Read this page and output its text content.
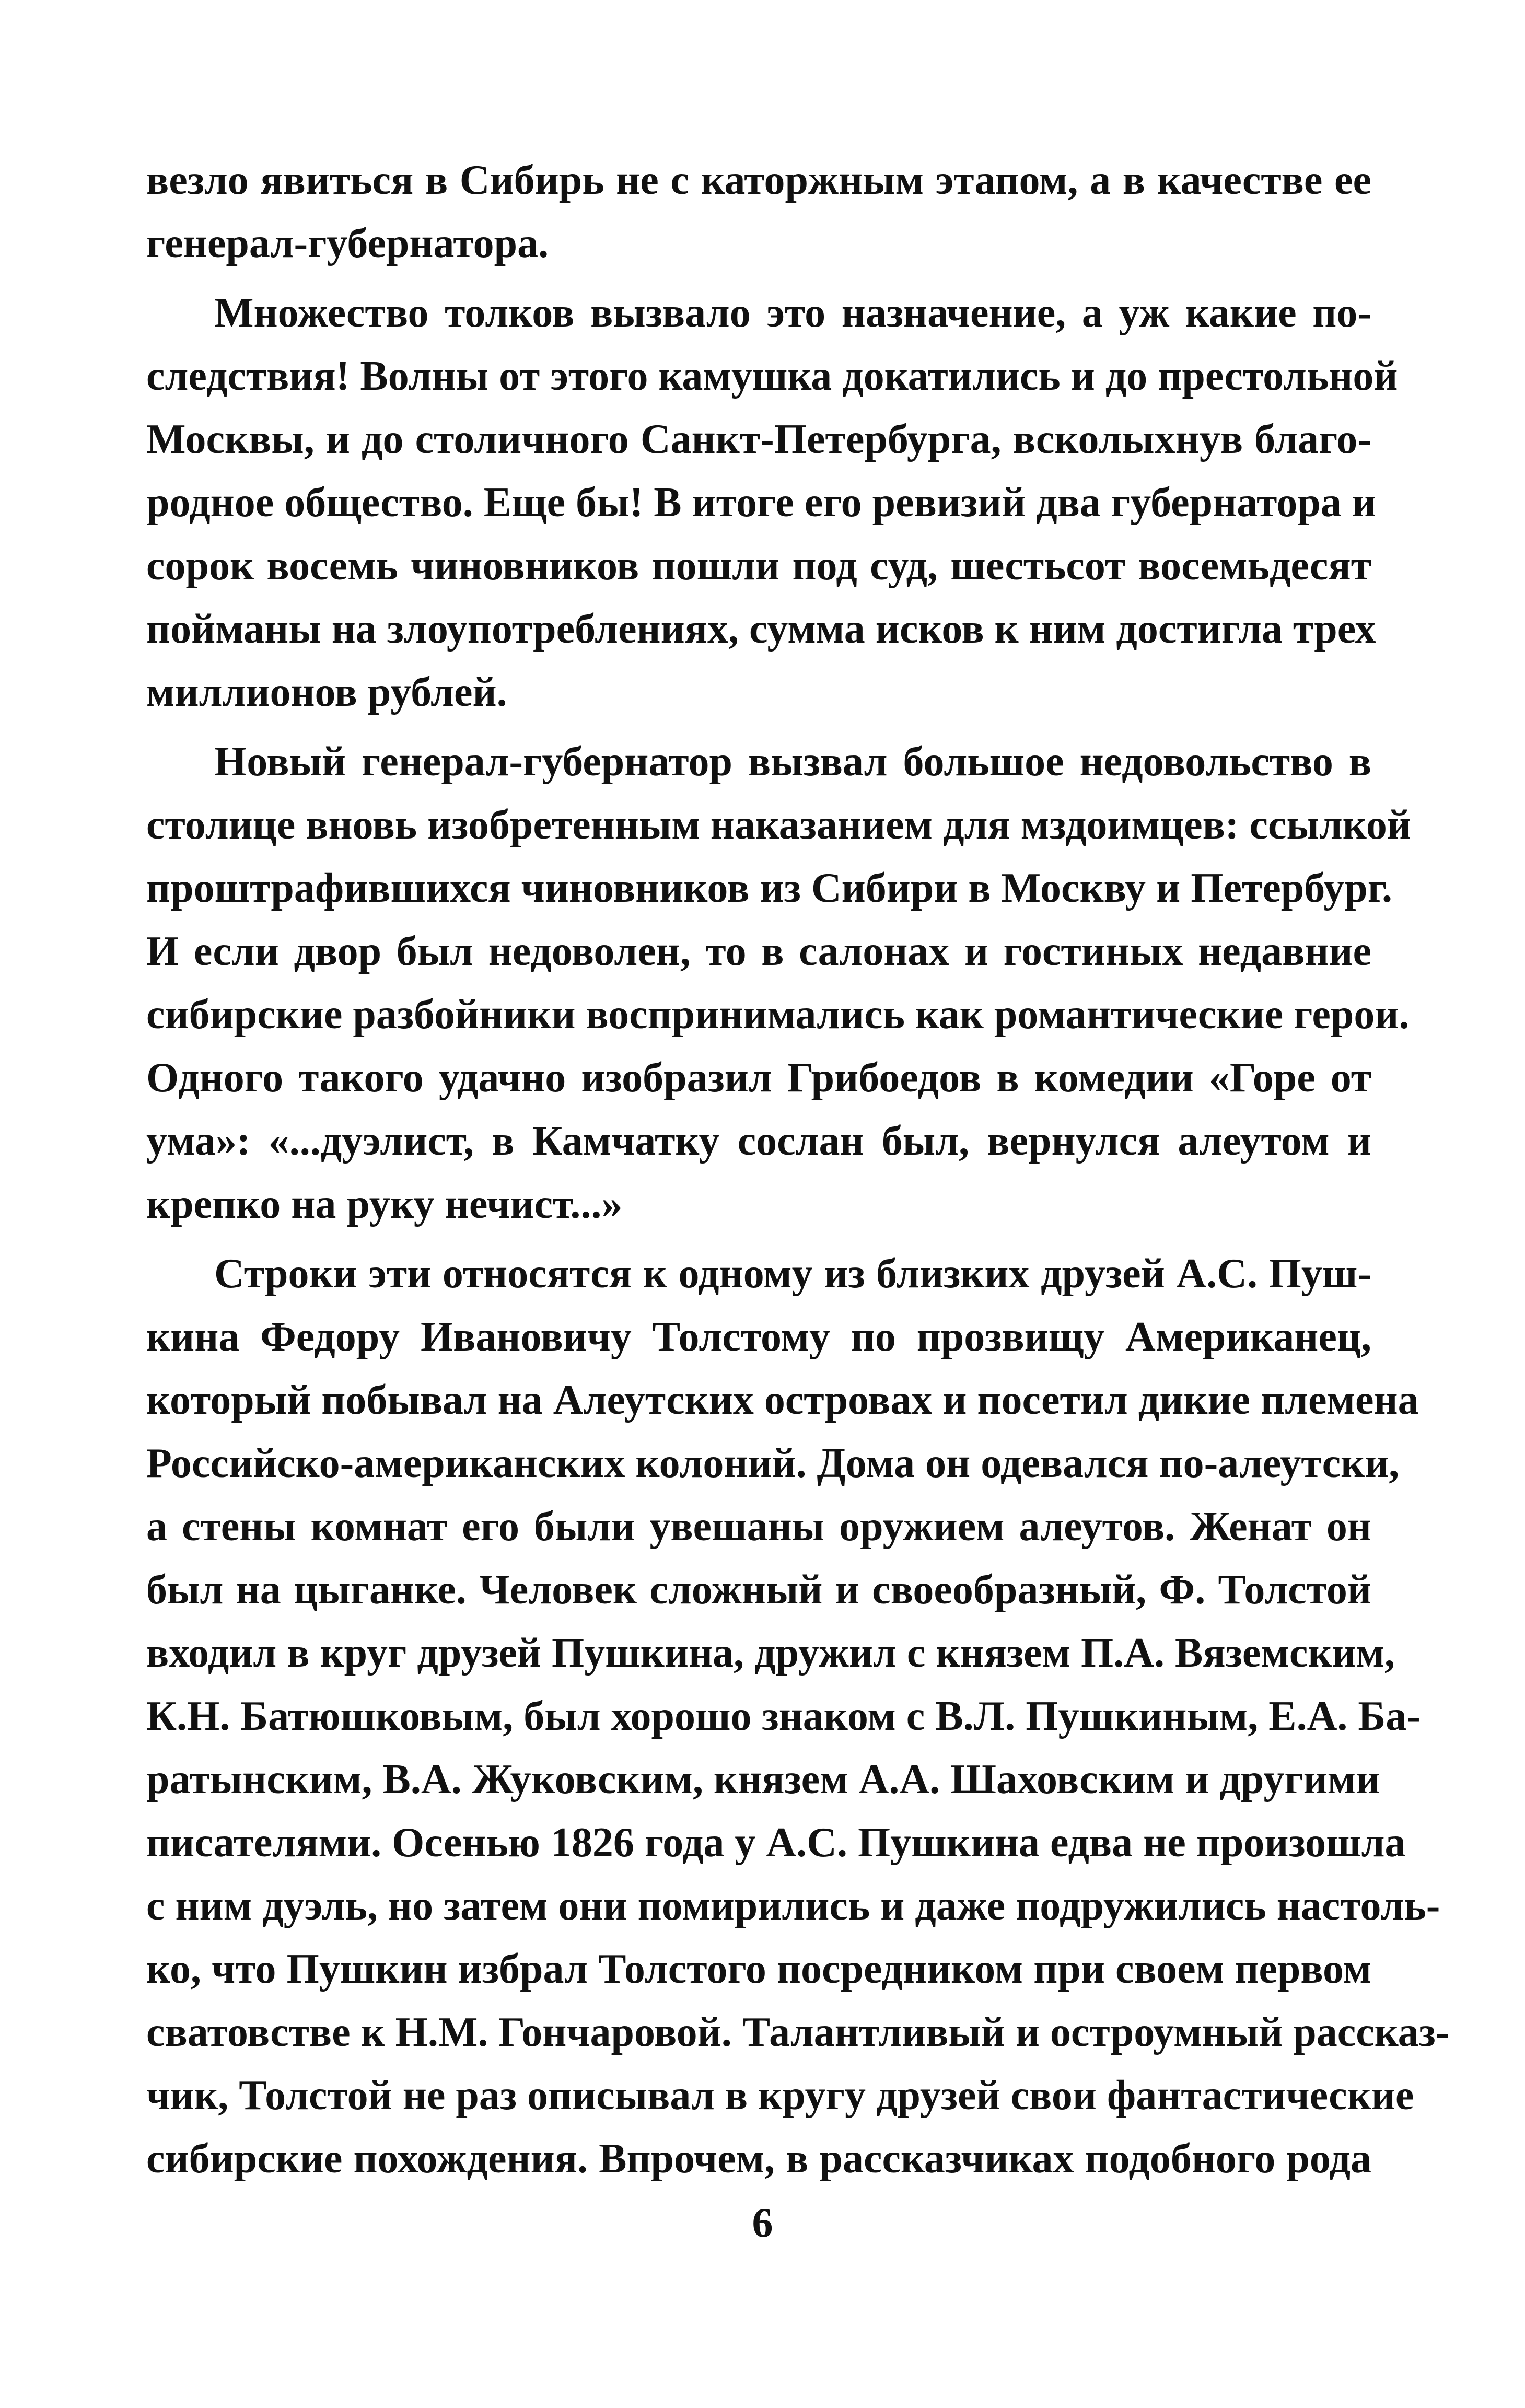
везло явиться в Сибирь не с каторжным этапом, а в качестве ее
генерал-губернатора.

Множество толков вызвало это назначение, а уж какие по-
следствия! Волны от этого камушка докатились и до престольной
Москвы, и до столичного Санкт-Петербурга, всколыхнув благо-
родное общество. Еще бы! В итоге его ревизий два губернатора и
сорок восемь чиновников пошли под суд, шестьсот восемьдесят
пойманы на злоупотреблениях, сумма исков к ним достигла трех
миллионов рублей.

Новый генерал-губернатор вызвал большое недовольство в
столице вновь изобретенным наказанием для мздоимцев: ссылкой
проштрафившихся чиновников из Сибири в Москву и Петербург.
И если двор был недоволен, то в салонах и гостиных недавние
сибирские разбойники воспринимались как романтические герои.
Одного такого удачно изобразил Грибоедов в комедии «Горе от
ума»: «...дуэлист, в Камчатку сослан был, вернулся алеутом и
крепко на руку нечист...»

Строки эти относятся к одному из близких друзей А.С. Пуш-
кина Федору Ивановичу Толстому по прозвищу Американец,
который побывал на Алеутских островах и посетил дикие племена
Российско-американских колоний. Дома он одевался по-алеутски,
а стены комнат его были увешаны оружием алеутов. Женат он
был на цыганке. Человек сложный и своеобразный, Ф. Толстой
входил в круг друзей Пушкина, дружил с князем П.А. Вяземским,
К.Н. Батюшковым, был хорошо знаком с В.Л. Пушкиным, Е.А. Ба-
ратынским, В.А. Жуковским, князем А.А. Шаховским и другими
писателями. Осенью 1826 года у А.С. Пушкина едва не произошла
с ним дуэль, но затем они помирились и даже подружились настоль-
ко, что Пушкин избрал Толстого посредником при своем первом
сватовстве к Н.М. Гончаровой. Талантливый и остроумный рассказ-
чик, Толстой не раз описывал в кругу друзей свои фантастические
сибирские похождения. Впрочем, в рассказчиках подобного рода

6
